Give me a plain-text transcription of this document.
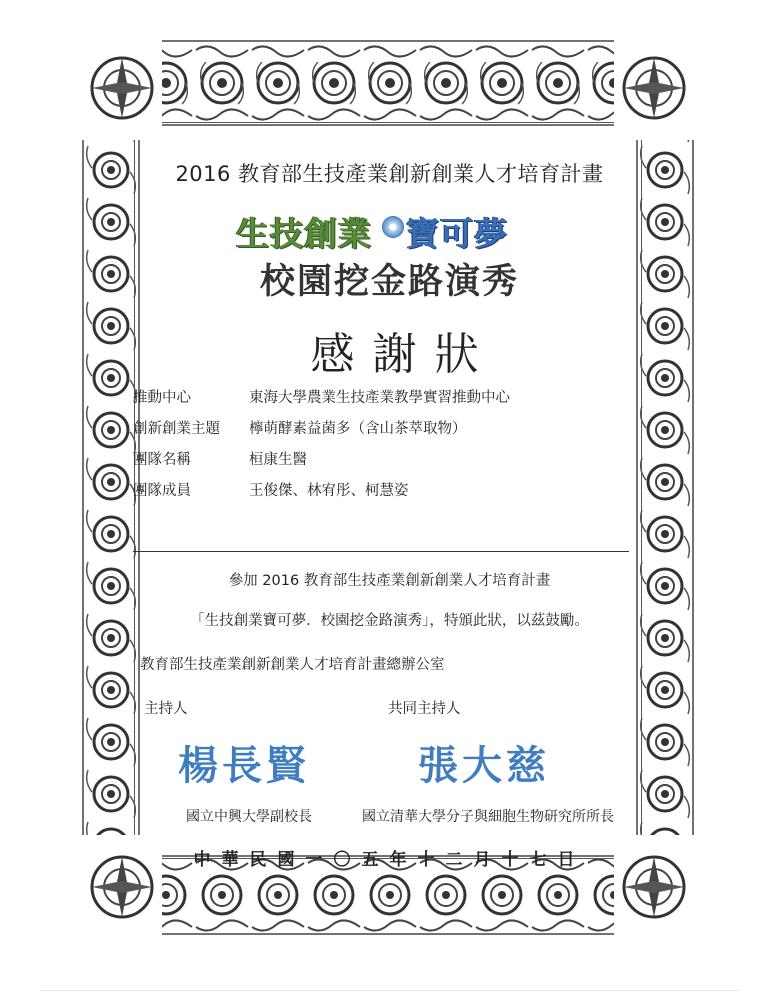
2016 教育部生技產業創新創業人才培育計畫
生技創業 寶可夢
校園挖金路演秀
感謝狀
推動中心	東海大學農業生技產業教學實習推動中心
創新創業主題 檸萌酵素益菌多（含山茶萃取物）
團隊名稱	桓康生醫
團隊成員	王俊傑、林宥彤、柯慧姿
參加 2016 教育部生技產業創新創業人才培育計畫
「生技創業寶可夢．校園挖金路演秀」，特頒此狀，以茲鼓勵。
教育部生技產業創新創業人才培育計畫總辦公室
主持人	共同主持人
楊長賢	張大慈
國立中興大學副校長	國立清華大學分子與細胞生物研究所所長
中華民國一〇五年十二月十七日
